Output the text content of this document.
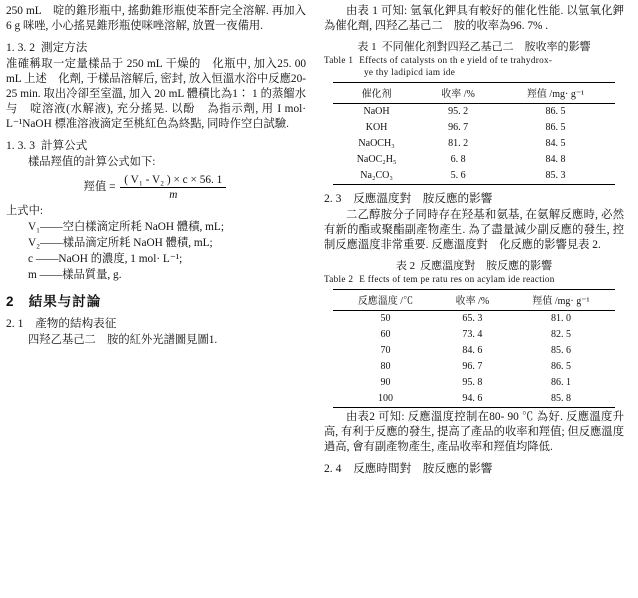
250 mL　啶的錐形瓶中, 搖動錐形瓶使苯酐完全溶解. 再加入 6 g 咪唑, 小心搖晃錐形瓶使咪唑溶解, 放置一夜備用.

1. 3. 2 測定方法

准確稱取一定量樣品于 250 mL 干燥的　化瓶中, 加入25. 00 mL 上述　化劑, 于樣品溶解后, 密封, 放入恒溫水浴中反應20- 25 min. 取出冷卻至室溫, 加入 20 mL 體積比為1∶ 1 的蒸餾水与　啶溶液(水解液), 充分搖晃. 以酚　為指示劑, 用 I mol· L⁻¹NaOH 標准溶液滴定至桃紅色為終點, 同時作空白試驗.

1. 3. 3 計算公式

樣品羥值的計算公式如下:

羥值 = $\frac{\text{( V₁ - V₂ ) × c × 56. 1}}{m}$

上式中:

V₁——空白樣滴定所耗 NaOH 體積, mL;

V₂——樣品滴定所耗 NaOH 體積, mL;

c ——NaOH 的濃度, 1 mol· L⁻¹;

m ——樣品質量, g.

2 結果与討論
2. 1 產物的結构表征

四羟乙基己二　胺的紅外光譜圖見圖1.

由表 1 可知: 氫氧化鉀具有較好的催化性能. 以氫氧化鉀為催化劑, 四羟乙基己二　胺的收率為96. 7% .

表 1 不同催化剂對四羟乙基己二　胺收率的影響
Table 1 Effects of catalysts on th e yield of te trahydrox-
ye thy ladipicd iam ide
催化剂	收率 /%	羥值 /mg· g⁻¹
NaOH	95. 2	86. 5
KOH	96. 7	86. 5
NaOCH₃	81. 2	84. 5
NaOC₂H₅	6. 8	84. 8
Na₂CO₃	5. 6	85. 3
2. 3 反應溫度對　胺反應的影響

二乙醇胺分子同時存在羟基和氨基, 在氨解反應時, 必然有新的酯或聚酯副產物產生. 為了盡量減少副反應的發生, 控制反應溫度非常重要. 反應溫度對　化反應的影響見表 2.

表 2 反應溫度對　胺反應的影響
Table 2 E ffects of tem pe ratu res on acylam ide reaction
反應溫度 /℃	收率 /%	羥值 /mg· g⁻¹
50	65. 3	81. 0
60	73. 4	82. 5
70	84. 6	85. 6
80	96. 7	86. 5
90	95. 8	86. 1
100	94. 6	85. 8

由表2 可知: 反應溫度控制在80- 90 ℃ 為好. 反應溫度升高, 有利于反應的發生, 提高了產品的收率和羥值; 但反應溫度過高, 會有副產物產生, 產品收率和羥值均降低.

2. 4 反應時間對　胺反應的影響
